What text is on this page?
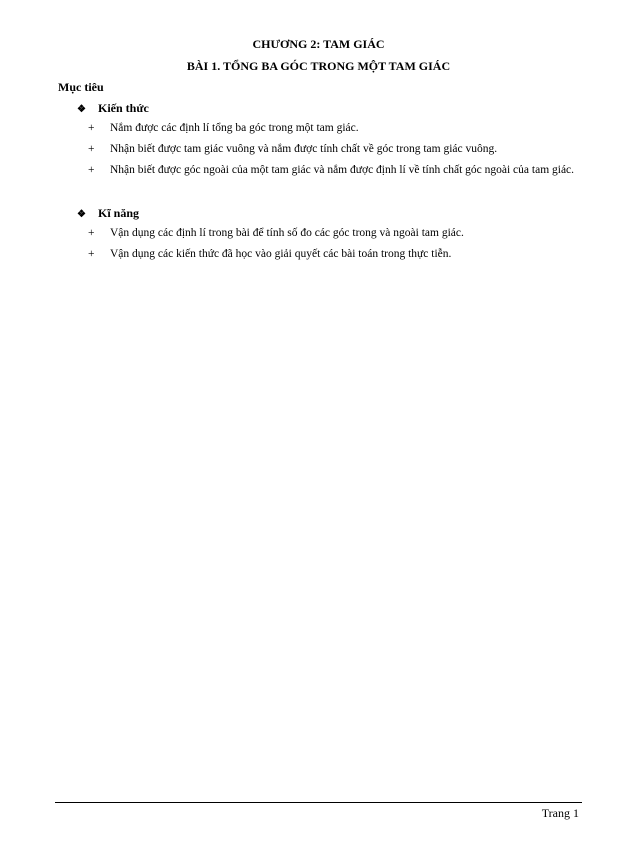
CHƯƠNG 2: TAM GIÁC
BÀI 1. TỔNG BA GÓC TRONG MỘT TAM GIÁC
Mục tiêu
❖ Kiến thức
+	Nắm được các định lí tổng ba góc trong một tam giác.
+	Nhận biết được tam giác vuông và nắm được tính chất về góc trong tam giác vuông.
+	Nhận biết được góc ngoài của một tam giác và nắm được định lí về tính chất góc ngoài của tam giác.
❖ Kĩ năng
+	Vận dụng các định lí trong bài để tính số đo các góc trong và ngoài tam giác.
+	Vận dụng các kiến thức đã học vào giải quyết các bài toán trong thực tiễn.
Trang 1
